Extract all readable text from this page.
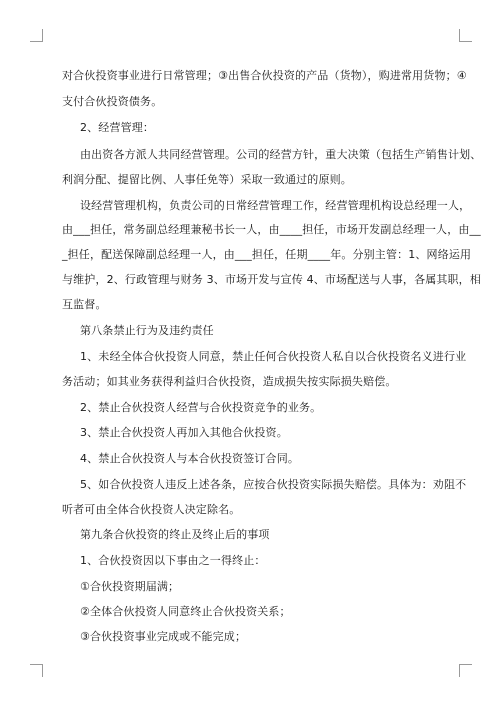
对合伙投资事业进行日常管理；③出售合伙投资的产品（货物），购进常用货物；④
支付合伙投资债务。
2、经营管理：
由出资各方派人共同经营管理。公司的经营方针，重大决策（包括生产销售计划、
利润分配、提留比例、人事任免等）采取一致通过的原则。
设经营管理机构，负责公司的日常经营管理工作，经营管理机构设总经理一人，
由___担任，常务副总经理兼秘书长一人，由____担任，市场开发副总经理一人，由__
_担任，配送保障副总经理一人，由___担任，任期____年。分别主管：1、网络运用
与维护，2、行政管理与财务 3、市场开发与宣传 4、市场配送与人事，各属其职，相
互监督。
第八条禁止行为及违约责任
1、未经全体合伙投资人同意，禁止任何合伙投资人私自以合伙投资名义进行业
务活动；如其业务获得利益归合伙投资，造成损失按实际损失赔偿。
2、禁止合伙投资人经营与合伙投资竞争的业务。
3、禁止合伙投资人再加入其他合伙投资。
4、禁止合伙投资人与本合伙投资签订合同。
5、如合伙投资人违反上述各条，应按合伙投资实际损失赔偿。具体为：劝阻不
听者可由全体合伙投资人决定除名。
第九条合伙投资的终止及终止后的事项
1、合伙投资因以下事由之一得终止：
①合伙投资期届满；
②全体合伙投资人同意终止合伙投资关系；
③合伙投资事业完成或不能完成；
